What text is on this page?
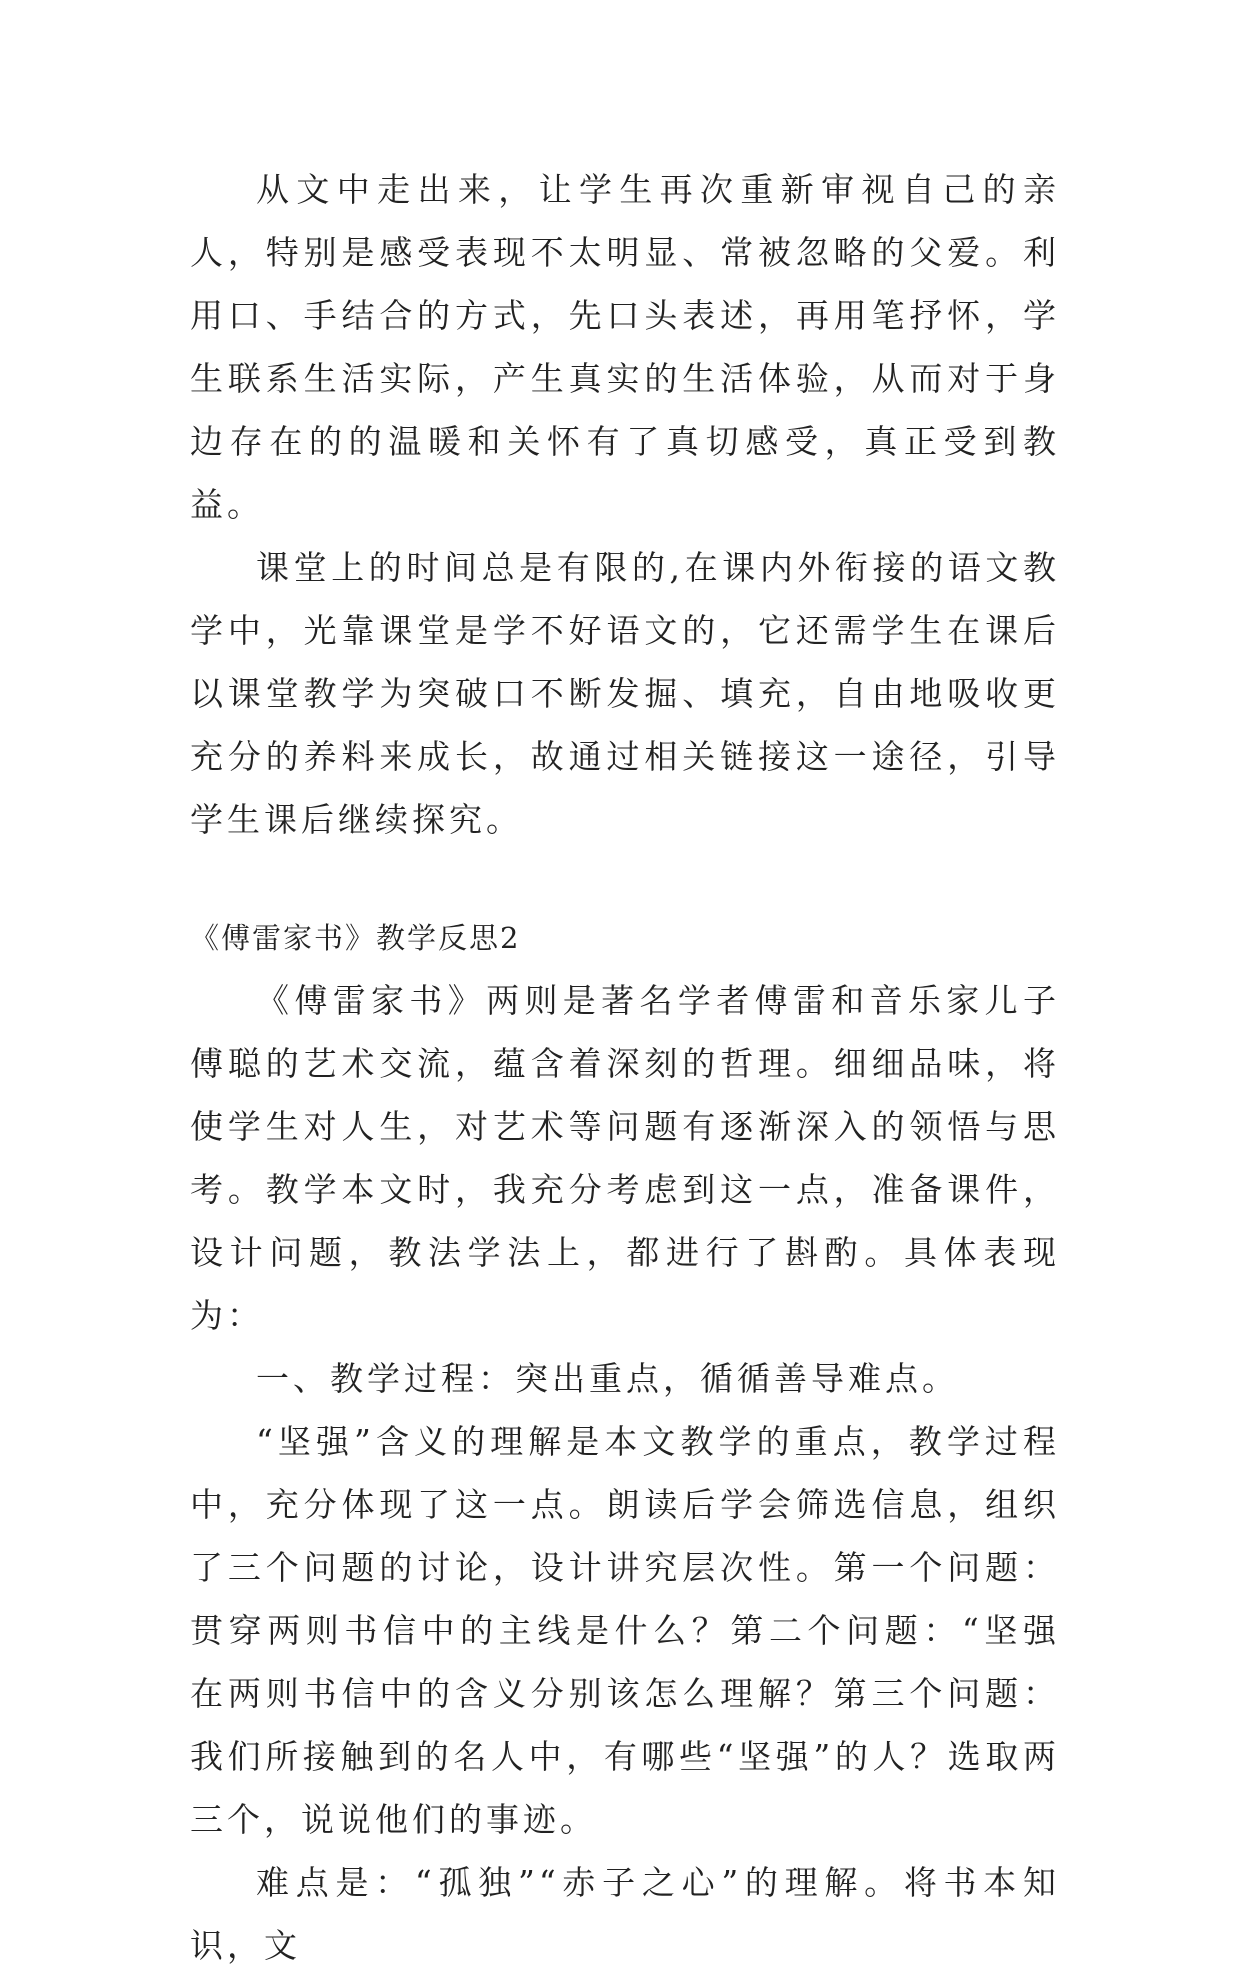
从文中走出来，让学生再次重新审视自己的亲人，特别是感受表现不太明显、常被忽略的父爱。利用口、手结合的方式，先口头表述，再用笔抒怀，学生联系生活实际，产生真实的生活体验，从而对于身边存在的的温暖和关怀有了真切感受，真正受到教益。

课堂上的时间总是有限的,在课内外衔接的语文教学中，光靠课堂是学不好语文的，它还需学生在课后以课堂教学为突破口不断发掘、填充，自由地吸收更充分的养料来成长，故通过相关链接这一途径，引导学生课后继续探究。

《傅雷家书》教学反思2

《傅雷家书》两则是著名学者傅雷和音乐家儿子傅聪的艺术交流，蕴含着深刻的哲理。细细品味，将使学生对人生，对艺术等问题有逐渐深入的领悟与思考。教学本文时，我充分考虑到这一点，准备课件，设计问题，教法学法上，都进行了斟酌。具体表现为：

一、教学过程：突出重点，循循善导难点。

“坚强”含义的理解是本文教学的重点，教学过程中，充分体现了这一点。朗读后学会筛选信息，组织了三个问题的讨论，设计讲究层次性。第一个问题：贯穿两则书信中的主线是什么？第二个问题：“坚强在两则书信中的含义分别该怎么理解？第三个问题：我们所接触到的名人中，有哪些“坚强”的人？选取两三个，说说他们的事迹。

难点是：“孤独”“赤子之心”的理解。将书本知识，文
